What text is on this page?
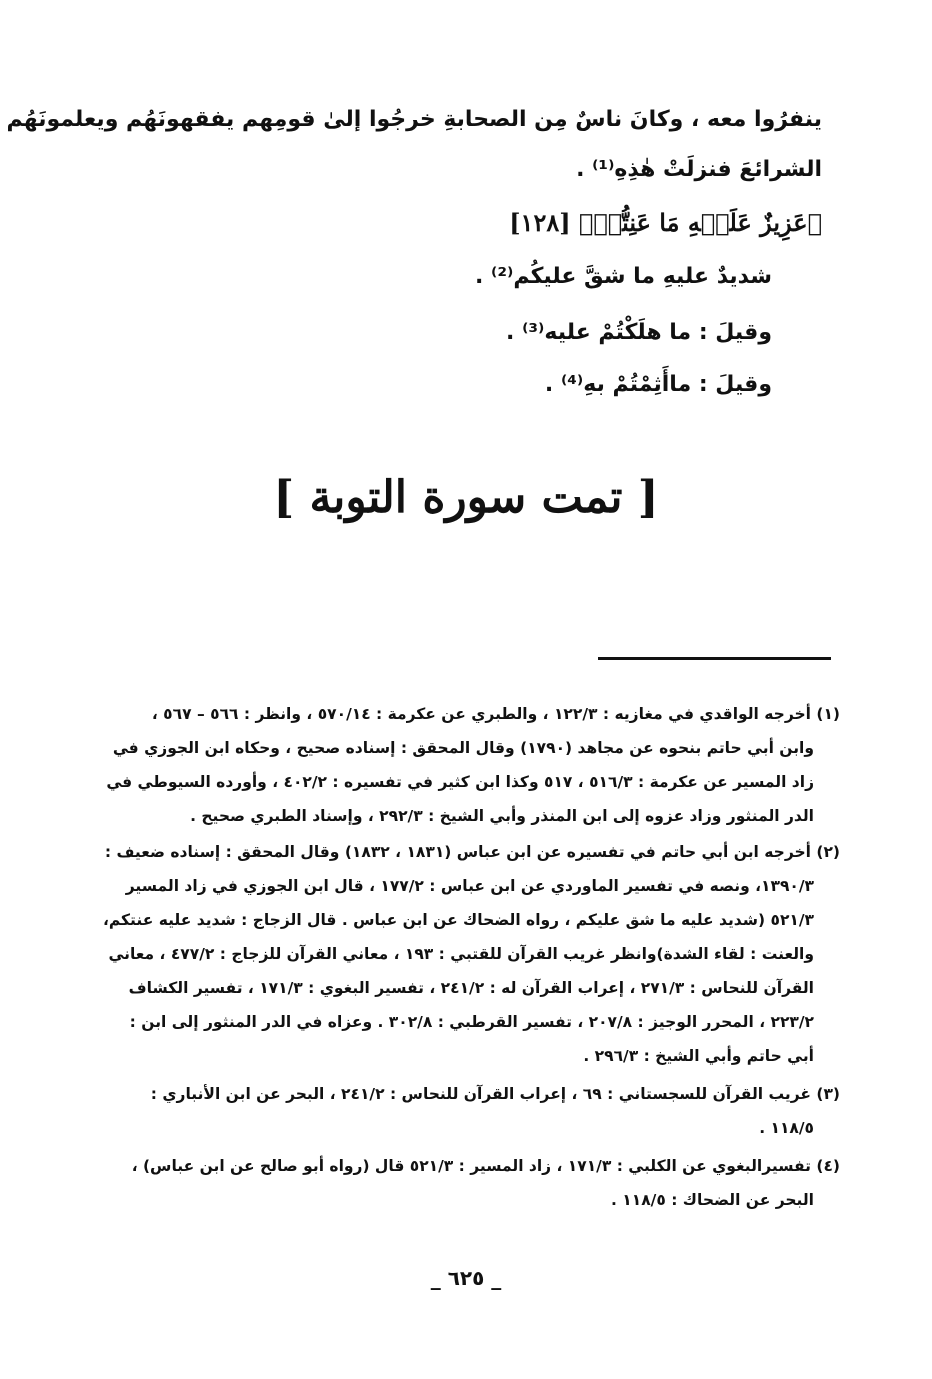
ينفرُوا معه ، وكانَ ناسٌ مِن الصحابةِ خرجُوا إلىٰ قومِهم يفقهونَهُم ويعلمونَهُم
الشرائعَ فنزلَتْ هٰذِهِ⁽¹⁾ .
﴿عَزِيزٌ عَلَيۡهِ مَا عَنِتُّمۡ﴾ [١٢٨]
شديدٌ عليهِ ما شقَّ عليكُم⁽²⁾ .
وقيلَ : ما هلَكْتُمْ عليه⁽³⁾ .
وقيلَ : ماأَثِمْتُمْ بهِ⁽⁴⁾ .
[ تمت سورة التوبة ]
(١) أخرجه الواقدي في مغازيه : ١٢٢/٣ ، والطبري عن عكرمة : ٥٧٠/١٤ ، وانظر : ٥٦٦ – ٥٦٧ ،
وابن أبي حاتم بنحوه عن مجاهد (١٧٩٠) وقال المحقق : إسناده صحيح ، وحكاه ابن الجوزي في
زاد المسير عن عكرمة : ٥١٦/٣ ، ٥١٧ وكذا ابن كثير في تفسيره : ٤٠٢/٢ ، وأورده السيوطي في
الدر المنثور وزاد عزوه إلى ابن المنذر وأبي الشيخ : ٢٩٢/٣ ، وإسناد الطبري صحيح .
(٢) أخرجه ابن أبي حاتم في تفسيره عن ابن عباس (١٨٣١ ، ١٨٣٢) وقال المحقق : إسناده ضعيف :
١٣٩٠/٣، ونصه في تفسير الماوردي عن ابن عباس : ١٧٧/٢ ، قال ابن الجوزي في زاد المسير
٥٢١/٣ (شديد عليه ما شق عليكم ، رواه الضحاك عن ابن عباس . قال الزجاج : شديد عليه عنتكم،
والعنت : لقاء الشدة)وانظر غريب القرآن للقتبي : ١٩٣ ، معاني القرآن للزجاج : ٤٧٧/٢ ، معاني
القرآن للنحاس : ٢٧١/٣ ، إعراب القرآن له : ٢٤١/٢ ، تفسير البغوي : ١٧١/٣ ، تفسير الكشاف
٢٢٣/٢ ، المحرر الوجيز : ٢٠٧/٨ ، تفسير القرطبي : ٣٠٢/٨ . وعزاه في الدر المنثور إلى ابن :
أبي حاتم وأبي الشيخ : ٢٩٦/٣ .
(٣) غريب القرآن للسجستاني : ٦٩ ، إعراب القرآن للنحاس : ٢٤١/٢ ، البحر عن ابن الأنباري :
١١٨/٥ .
(٤) تفسيرالبغوي عن الكلبي : ١٧١/٣ ، زاد المسير : ٥٢١/٣ قال (رواه أبو صالح عن ابن عباس) ،
البحر عن الضحاك : ١١٨/٥ .
_ ٦٢٥ _
